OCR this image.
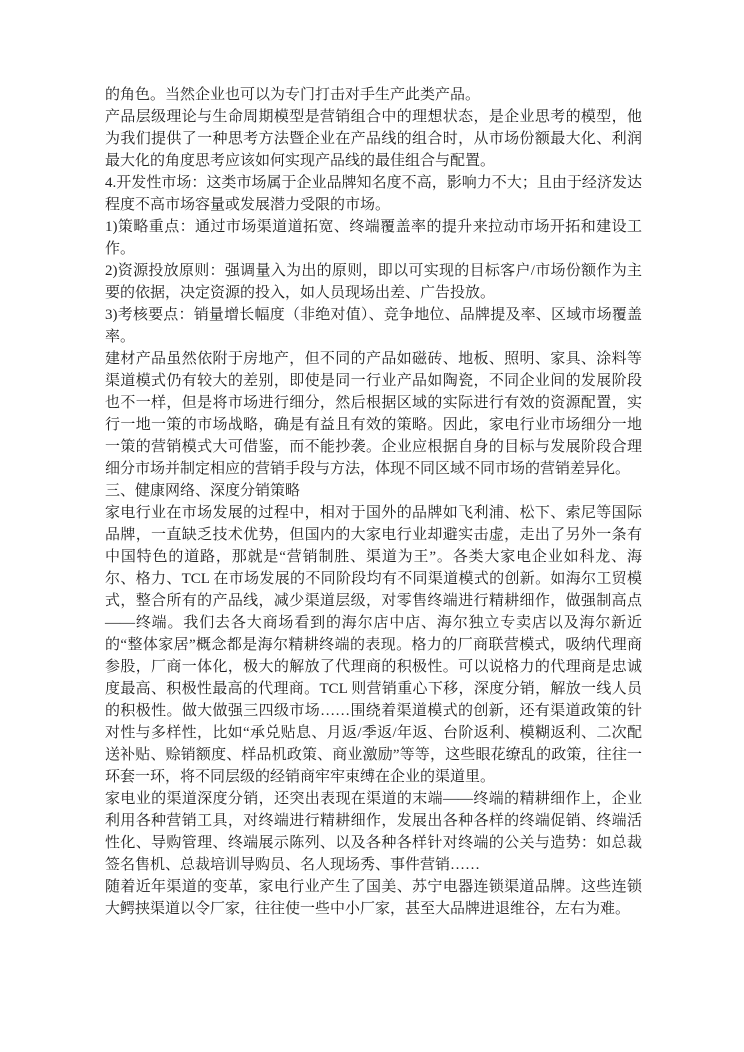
的角色。当然企业也可以为专门打击对手生产此类产品。

产品层级理论与生命周期模型是营销组合中的理想状态，是企业思考的模型，他为我们提供了一种思考方法暨企业在产品线的组合时，从市场份额最大化、利润最大化的角度思考应该如何实现产品线的最佳组合与配置。

4.开发性市场：这类市场属于企业品牌知名度不高，影响力不大；且由于经济发达程度不高市场容量或发展潜力受限的市场。

1)策略重点：通过市场渠道道拓宽、终端覆盖率的提升来拉动市场开拓和建设工作。

2)资源投放原则：强调量入为出的原则，即以可实现的目标客户/市场份额作为主要的依据，决定资源的投入，如人员现场出差、广告投放。

3)考核要点：销量增长幅度（非绝对值）、竞争地位、品牌提及率、区域市场覆盖率。

建材产品虽然依附于房地产，但不同的产品如磁砖、地板、照明、家具、涂料等渠道模式仍有较大的差别，即使是同一行业产品如陶瓷，不同企业间的发展阶段也不一样，但是将市场进行细分，然后根据区域的实际进行有效的资源配置，实行一地一策的市场战略，确是有益且有效的策略。因此，家电行业市场细分一地一策的营销模式大可借鉴，而不能抄袭。企业应根据自身的目标与发展阶段合理细分市场并制定相应的营销手段与方法，体现不同区域不同市场的营销差异化。

三、健康网络、深度分销策略

家电行业在市场发展的过程中，相对于国外的品牌如飞利浦、松下、索尼等国际品牌，一直缺乏技术优势，但国内的大家电行业却避实击虚，走出了另外一条有中国特色的道路，那就是“营销制胜、渠道为王”。各类大家电企业如科龙、海尔、格力、TCL 在市场发展的不同阶段均有不同渠道模式的创新。如海尔工贸模式，整合所有的产品线，减少渠道层级，对零售终端进行精耕细作，做强制高点——终端。我们去各大商场看到的海尔店中店、海尔独立专卖店以及海尔新近的“整体家居”概念都是海尔精耕终端的表现。格力的厂商联营模式，吸纳代理商参股，厂商一体化，极大的解放了代理商的积极性。可以说格力的代理商是忠诚度最高、积极性最高的代理商。TCL 则营销重心下移，深度分销，解放一线人员的积极性。做大做强三四级市场……围绕着渠道模式的创新，还有渠道政策的针对性与多样性，比如“承兑贴息、月返/季返/年返、台阶返利、模糊返利、二次配送补贴、赊销额度、样品机政策、商业激励”等等，这些眼花缭乱的政策，往往一环套一环，将不同层级的经销商牢牢束缚在企业的渠道里。

家电业的渠道深度分销，还突出表现在渠道的末端——终端的精耕细作上，企业利用各种营销工具，对终端进行精耕细作，发展出各种各样的终端促销、终端活性化、导购管理、终端展示陈列、以及各种各样针对终端的公关与造势：如总裁签名售机、总裁培训导购员、名人现场秀、事件营销……

随着近年渠道的变革，家电行业产生了国美、苏宁电器连锁渠道品牌。这些连锁大鳄挟渠道以令厂家，往往使一些中小厂家，甚至大品牌进退维谷，左右为难。
